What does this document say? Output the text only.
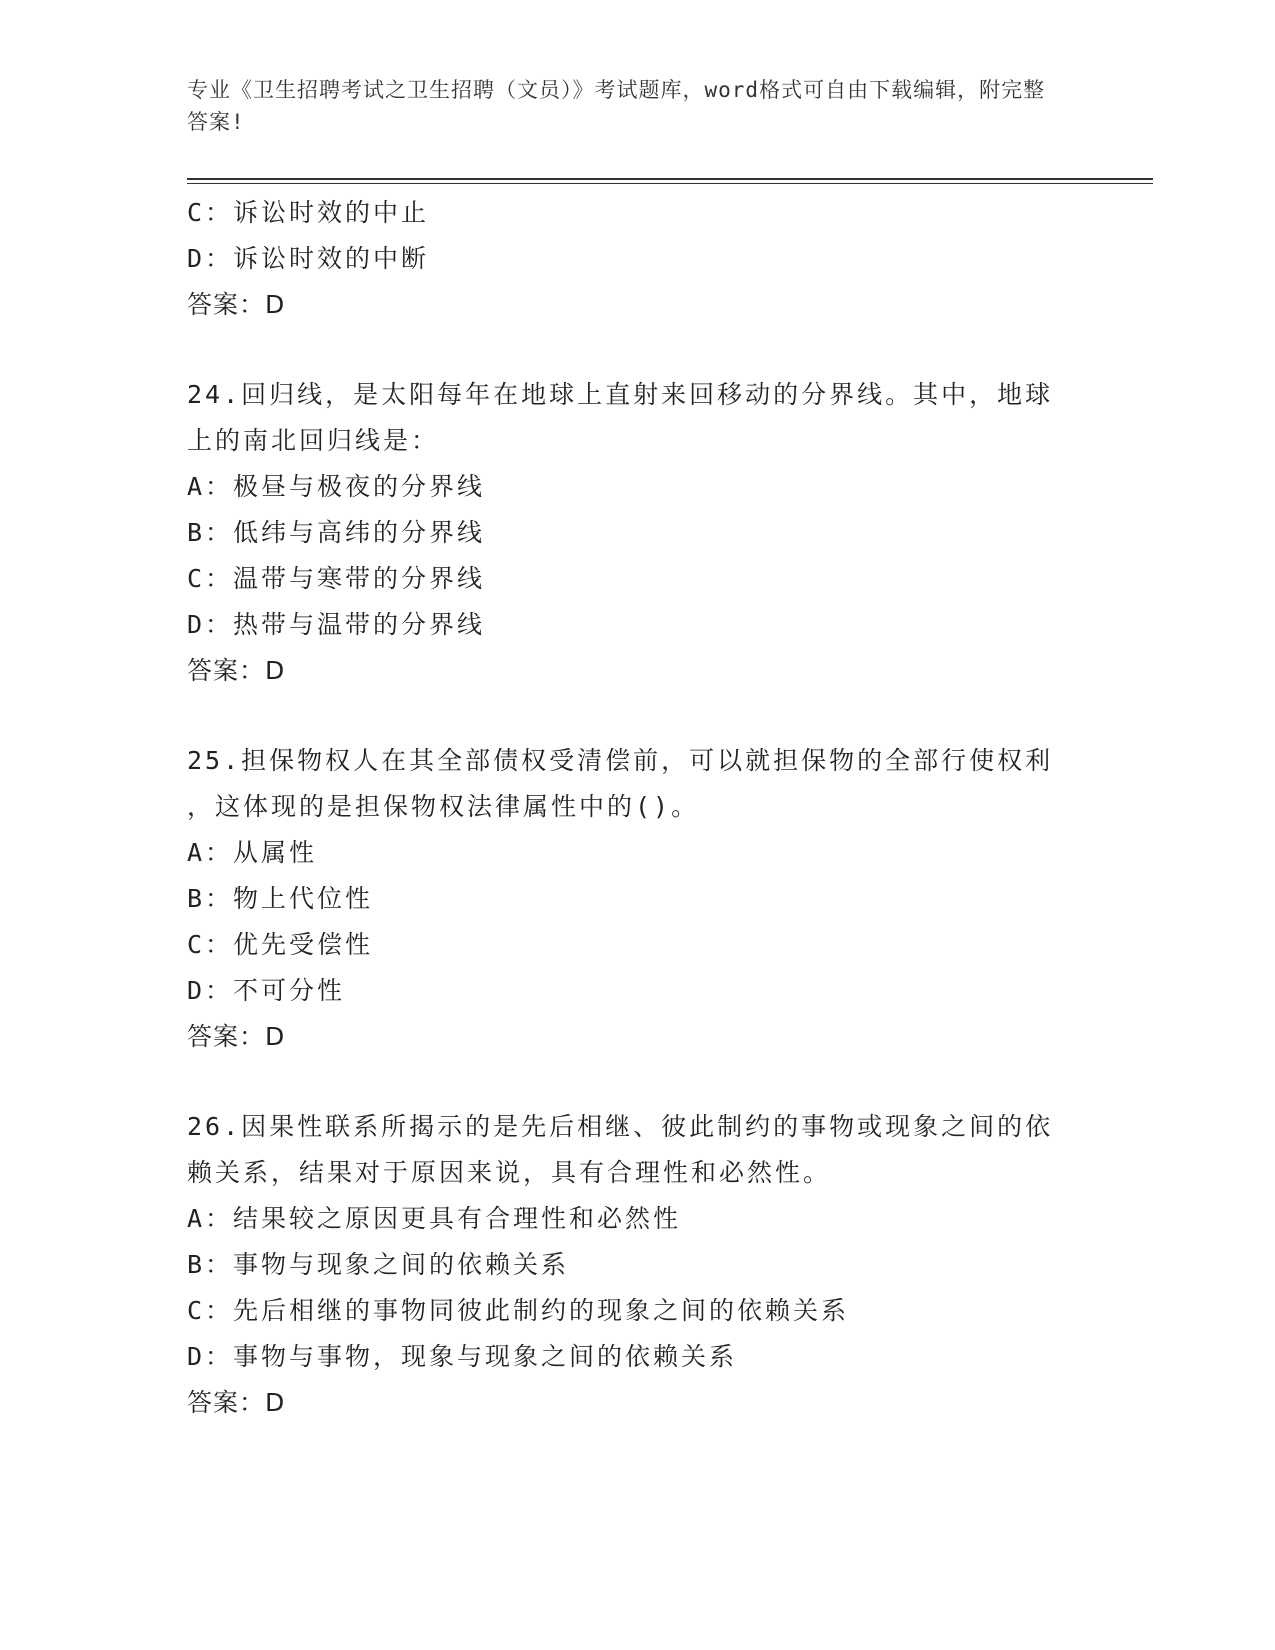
专业《卫生招聘考试之卫生招聘（文员）》考试题库，word格式可自由下载编辑，附完整答案!
C：诉讼时效的中止
D：诉讼时效的中断
答案：D
24.回归线，是太阳每年在地球上直射来回移动的分界线。其中，地球
上的南北回归线是：
A：极昼与极夜的分界线
B：低纬与高纬的分界线
C：温带与寒带的分界线
D：热带与温带的分界线
答案：D
25.担保物权人在其全部债权受清偿前，可以就担保物的全部行使权利
，这体现的是担保物权法律属性中的()。
A：从属性
B：物上代位性
C：优先受偿性
D：不可分性
答案：D
26.因果性联系所揭示的是先后相继、彼此制约的事物或现象之间的依
赖关系，结果对于原因来说，具有合理性和必然性。
A：结果较之原因更具有合理性和必然性
B：事物与现象之间的依赖关系
C：先后相继的事物同彼此制约的现象之间的依赖关系
D：事物与事物，现象与现象之间的依赖关系
答案：D
